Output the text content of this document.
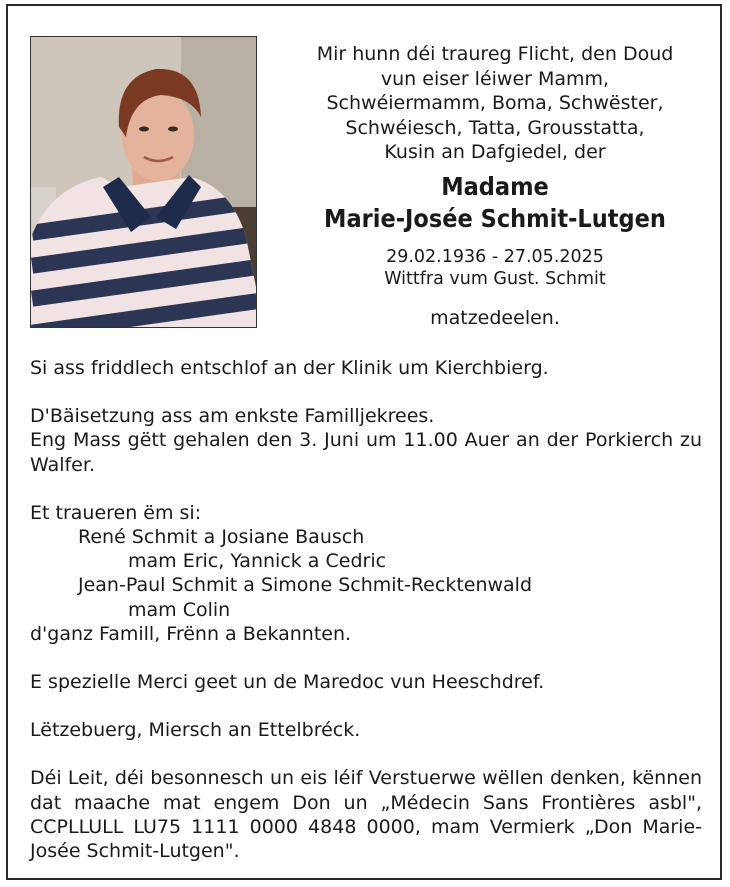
Mir hunn déi traureg Flicht, den Doud
vun eiser léiwer Mamm,
Schwéiermamm, Boma, Schwëster,
Schwéiesch, Tatta, Grousstatta,
Kusin an Dafgiedel, der
Madame
Marie-Josée Schmit-Lutgen
29.02.1936 - 27.05.2025
Wittfra vum Gust. Schmit
matzedeelen.

Si ass friddlech entschlof an der Klinik um Kierchbierg.

D'Bäisetzung ass am enkste Familljekrees.

Eng Mass gëtt gehalen den 3. Juni um 11.00 Auer an der Porkierch zu Walfer.

Et traueren ëm si:

René Schmit a Josiane Bausch

mam Eric, Yannick a Cedric

Jean-Paul Schmit a Simone Schmit-Recktenwald

mam Colin

d'ganz Famill, Frënn a Bekannten.

E spezielle Merci geet un de Maredoc vun Heeschdref.

Lëtzebuerg, Miersch an Ettelbréck.

Déi Leit, déi besonnesch un eis léif Verstuerwe wëllen denken, kënnen dat maache mat engem Don un „Médecin Sans Frontières asbl", CCPLLULL LU75 1111 0000 4848 0000, mam Vermierk „Don Marie-Josée Schmit-Lutgen".
